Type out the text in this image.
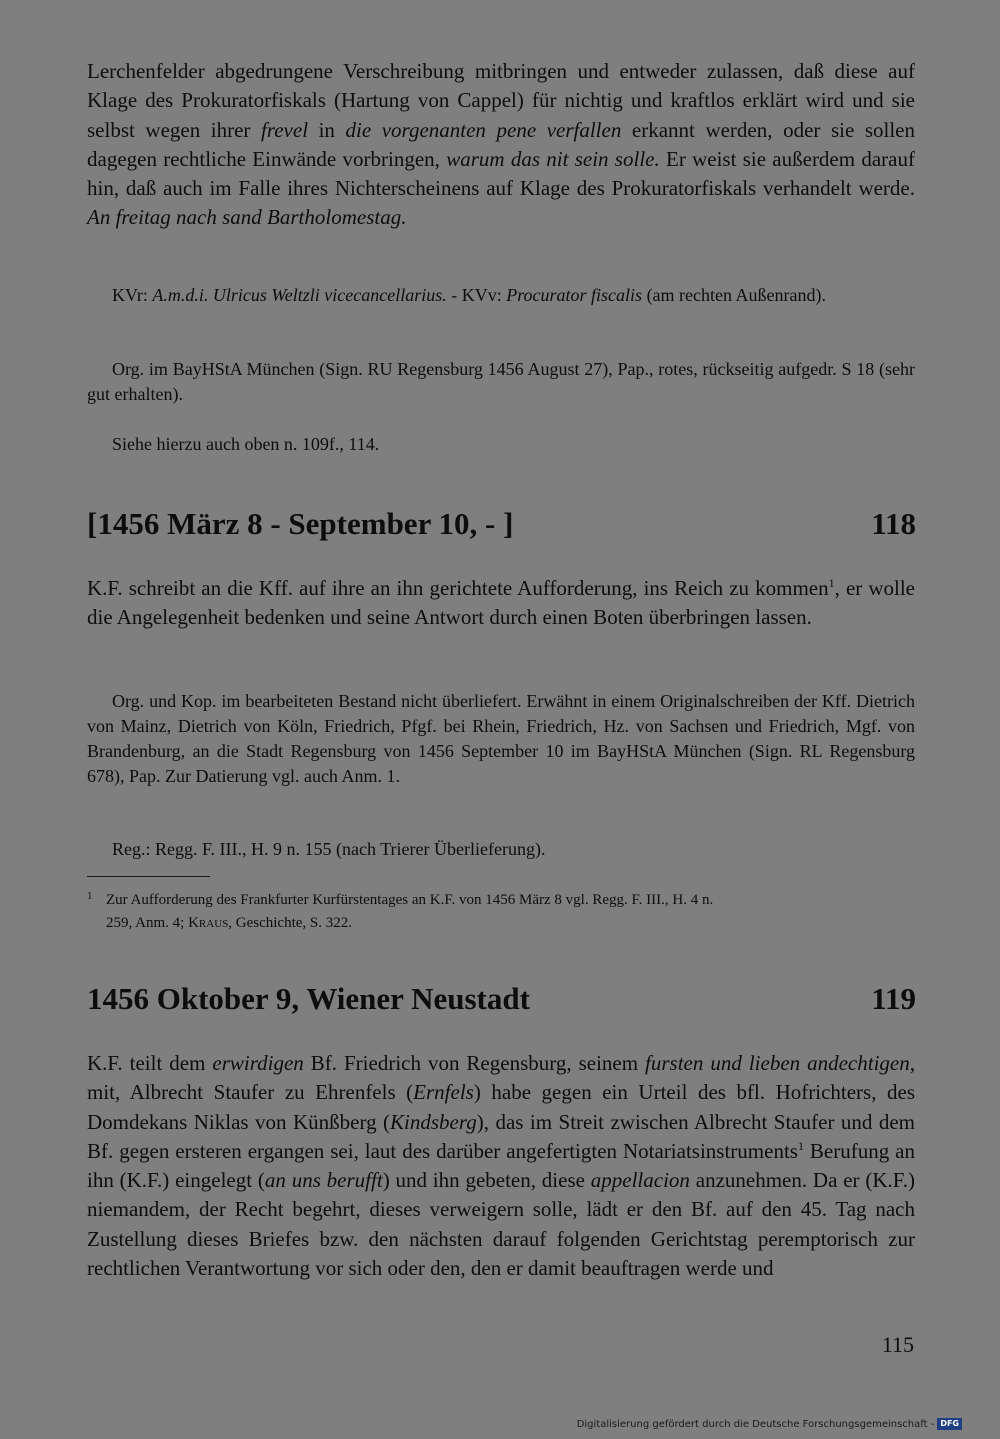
Lerchenfelder abgedrungene Verschreibung mitbringen und entweder zulassen, daß diese auf Klage des Prokuratorfiskals (Hartung von Cappel) für nichtig und kraftlos erklärt wird und sie selbst wegen ihrer frevel in die vorgenanten pene verfallen erkannt werden, oder sie sollen dagegen rechtliche Einwände vorbringen, warum das nit sein solle. Er weist sie außerdem darauf hin, daß auch im Falle ihres Nichterscheinens auf Klage des Prokuratorfiskals verhandelt werde. An freitag nach sand Bartholomestag.
KVr: A.m.d.i. Ulricus Weltzli vicecancellarius. - KVv: Procurator fiscalis (am rechten Außenrand).
Org. im BayHStA München (Sign. RU Regensburg 1456 August 27), Pap., rotes, rückseitig aufgedr. S 18 (sehr gut erhalten).
Siehe hierzu auch oben n. 109f., 114.
[1456 März 8 - September 10, - ]	118
K.F. schreibt an die Kff. auf ihre an ihn gerichtete Aufforderung, ins Reich zu kommen$^1$, er wolle die Angelegenheit bedenken und seine Antwort durch einen Boten überbringen lassen.
Org. und Kop. im bearbeiteten Bestand nicht überliefert. Erwähnt in einem Originalschreiben der Kff. Dietrich von Mainz, Dietrich von Köln, Friedrich, Pfgf. bei Rhein, Friedrich, Hz. von Sachsen und Friedrich, Mgf. von Brandenburg, an die Stadt Regensburg von 1456 September 10 im BayHStA München (Sign. RL Regensburg 678), Pap. Zur Datierung vgl. auch Anm. 1.
Reg.: Regg. F. III., H. 9 n. 155 (nach Trierer Überlieferung).
1 Zur Aufforderung des Frankfurter Kurfürstentages an K.F. von 1456 März 8 vgl. Regg. F. III., H. 4 n.
259, Anm. 4; Kraus, Geschichte, S. 322.
1456 Oktober 9, Wiener Neustadt	119
K.F. teilt dem erwirdigen Bf. Friedrich von Regensburg, seinem fursten und lieben andechtigen, mit, Albrecht Staufer zu Ehrenfels (Ernfels) habe gegen ein Urteil des bfl. Hofrichters, des Domdekans Niklas von Künßberg (Kindsberg), das im Streit zwischen Albrecht Staufer und dem Bf. gegen ersteren ergangen sei, laut des darüber angefertigten Notariatsinstruments$^1$ Berufung an ihn (K.F.) eingelegt (an uns berufft) und ihn gebeten, diese appellacion anzunehmen. Da er (K.F.) niemandem, der Recht begehrt, dieses verweigern solle, lädt er den Bf. auf den 45. Tag nach Zustellung dieses Briefes bzw. den nächsten darauf folgenden Gerichtstag peremptorisch zur rechtlichen Verantwortung vor sich oder den, den er damit beauftragen werde und
115
Digitalisierung gefördert durch die Deutsche Forschungsgemeinschaft - DFG
